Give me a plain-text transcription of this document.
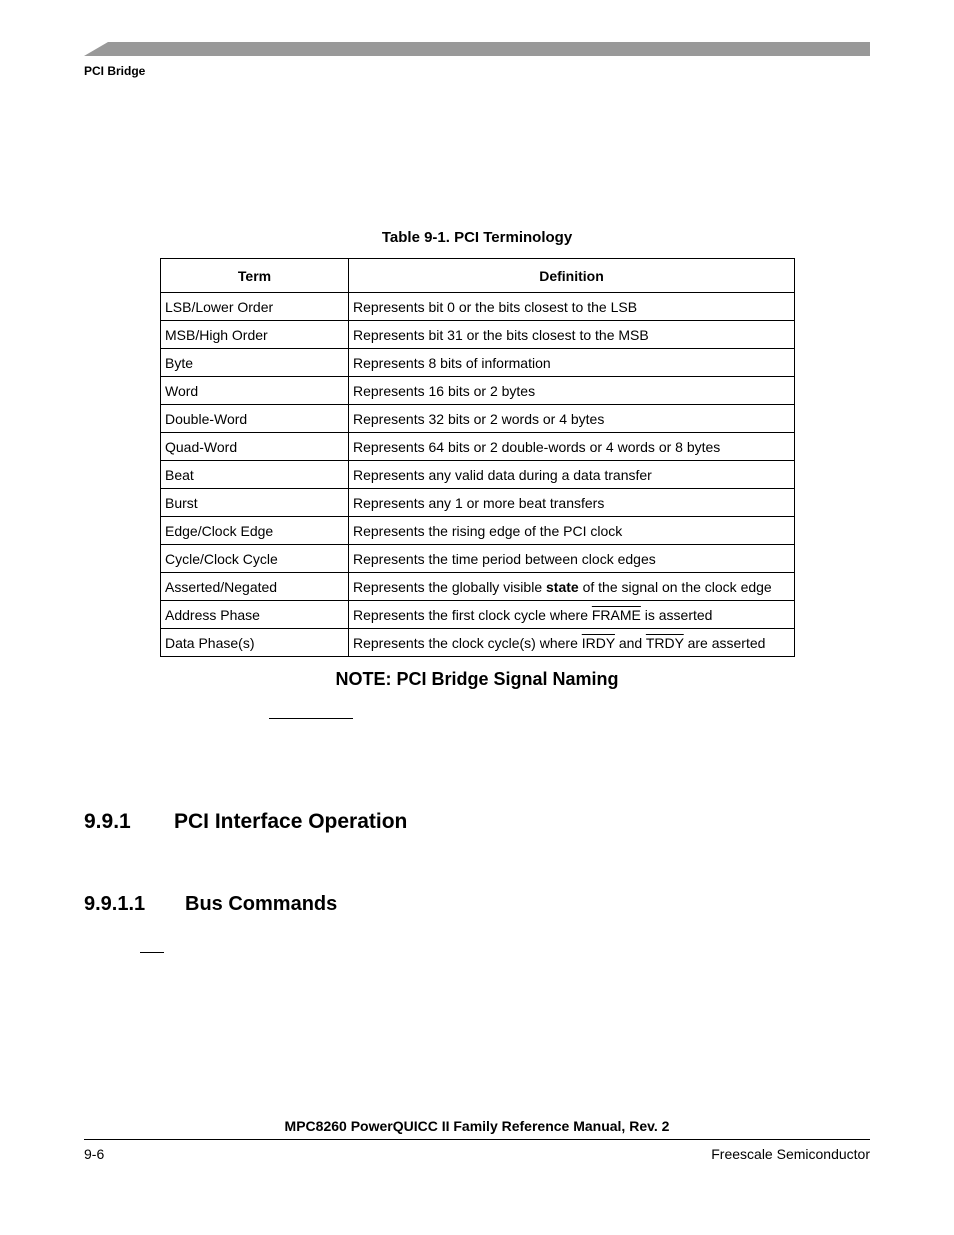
PCI Bridge
Table 9-1. PCI Terminology
Term	Definition
LSB/Lower Order	Represents bit 0 or the bits closest to the LSB
MSB/High Order	Represents bit 31 or the bits closest to the MSB
Byte	Represents 8 bits of information
Word	Represents 16 bits or 2 bytes
Double-Word	Represents 32 bits or 2 words or 4 bytes
Quad-Word	Represents 64 bits or 2 double-words or 4 words or 8 bytes
Beat	Represents any valid data during a data transfer
Burst	Represents any 1 or more beat transfers
Edge/Clock Edge	Represents the rising edge of the PCI clock
Cycle/Clock Cycle	Represents the time period between clock edges
Asserted/Negated	Represents the globally visible state of the signal on the clock edge
Address Phase	Represents the first clock cycle where FRAME is asserted
Data Phase(s)	Represents the clock cycle(s) where IRDY and TRDY are asserted
NOTE: PCI Bridge Signal Naming
9.9.1 PCI Interface Operation
9.9.1.1 Bus Commands
MPC8260 PowerQUICC II Family Reference Manual, Rev. 2
9-6	Freescale Semiconductor
